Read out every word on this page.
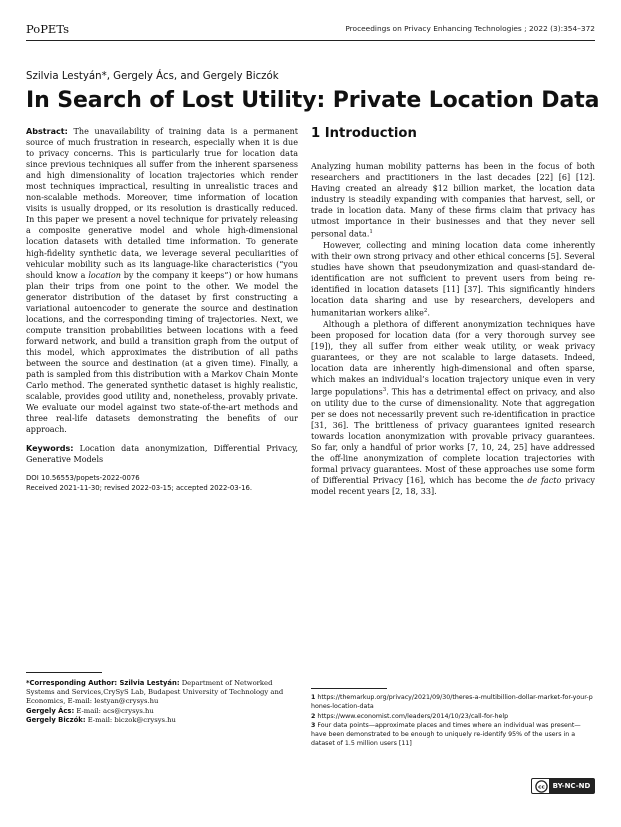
PoPETs	Proceedings on Privacy Enhancing Technologies ; 2022 (3):354–372
Szilvia Lestyán*, Gergely Ács, and Gergely Biczók
In Search of Lost Utility: Private Location Data

Abstract: The unavailability of training data is a permanent source of much frustration in research, especially when it is due to privacy concerns. This is particularly true for location data since previous techniques all suffer from the inherent sparseness and high dimensionality of location trajectories which render most techniques impractical, resulting in unrealistic traces and non-scalable methods. Moreover, time information of location visits is usually dropped, or its resolution is drastically reduced. In this paper we present a novel technique for privately releasing a composite generative model and whole high-dimensional location datasets with detailed time information. To generate high-fidelity synthetic data, we leverage several peculiarities of vehicular mobility such as its language-like characteristics (“you should know a location by the company it keeps”) or how humans plan their trips from one point to the other. We model the generator distribution of the dataset by first constructing a variational autoencoder to generate the source and destination locations, and the corresponding timing of trajectories. Next, we compute transition probabilities between locations with a feed forward network, and build a transition graph from the output of this model, which approximates the distribution of all paths between the source and destination (at a given time). Finally, a path is sampled from this distribution with a Markov Chain Monte Carlo method. The generated synthetic dataset is highly realistic, scalable, provides good utility and, nonetheless, provably private. We evaluate our model against two state-of-the-art methods and three real-life datasets demonstrating the benefits of our approach.

Keywords: Location data anonymization, Differential Privacy, Generative Models

DOI 10.56553/popets-2022-0076
Received 2021-11-30; revised 2022-03-15; accepted 2022-03-16.

*Corresponding Author: Szilvia Lestyán: Department of Networked Systems and Services,CrySyS Lab, Budapest University of Technology and Economics, E-mail: lestyan@crysys.hu

Gergely Ács: E-mail: acs@crysys.hu

Gergely Biczók: E-mail: biczok@crysys.hu

1 Introduction

Analyzing human mobility patterns has been in the focus of both researchers and practitioners in the last decades [22] [6] [12]. Having created an already $12 billion market, the location data industry is steadily expanding with companies that harvest, sell, or trade in location data. Many of these firms claim that privacy has utmost importance in their businesses and that they never sell personal data.$^1$

However, collecting and mining location data come inherently with their own strong privacy and other ethical concerns [5]. Several studies have shown that pseudonymization and quasi-standard de-identification are not sufficient to prevent users from being re-identified in location datasets [11] [37]. This significantly hinders location data sharing and use by researchers, developers and humanitarian workers alike$^2$.

Although a plethora of different anonymization techniques have been proposed for location data (for a very thorough survey see [19]), they all suffer from either weak utility, or weak privacy guarantees, or they are not scalable to large datasets. Indeed, location data are inherently high-dimensional and often sparse, which makes an individual’s location trajectory unique even in very large populations$^3$. This has a detrimental effect on privacy, and also on utility due to the curse of dimensionality. Note that aggregation per se does not necessarily prevent such re-identification in practice [31, 36]. The brittleness of privacy guarantees ignited research towards location anonymization with provable privacy guarantees. So far, only a handful of prior works [7, 10, 24, 25] have addressed the off-line anonymization of complete location trajectories with formal privacy guarantees. Most of these approaches use some form of Differential Privacy [16], which has become the de facto privacy model recent years [2, 18, 33].

1 https://themarkup.org/privacy/2021/09/30/theres-a-multibillion-dollar-market-for-your-phones-location-data

2 https://www.economist.com/leaders/2014/10/23/call-for-help

3 Four data points—approximate places and times where an individual was present—have been demonstrated to be enough to uniquely re-identify 95% of the users in a dataset of 1.5 million users [11]

cc	BY-NC-ND
